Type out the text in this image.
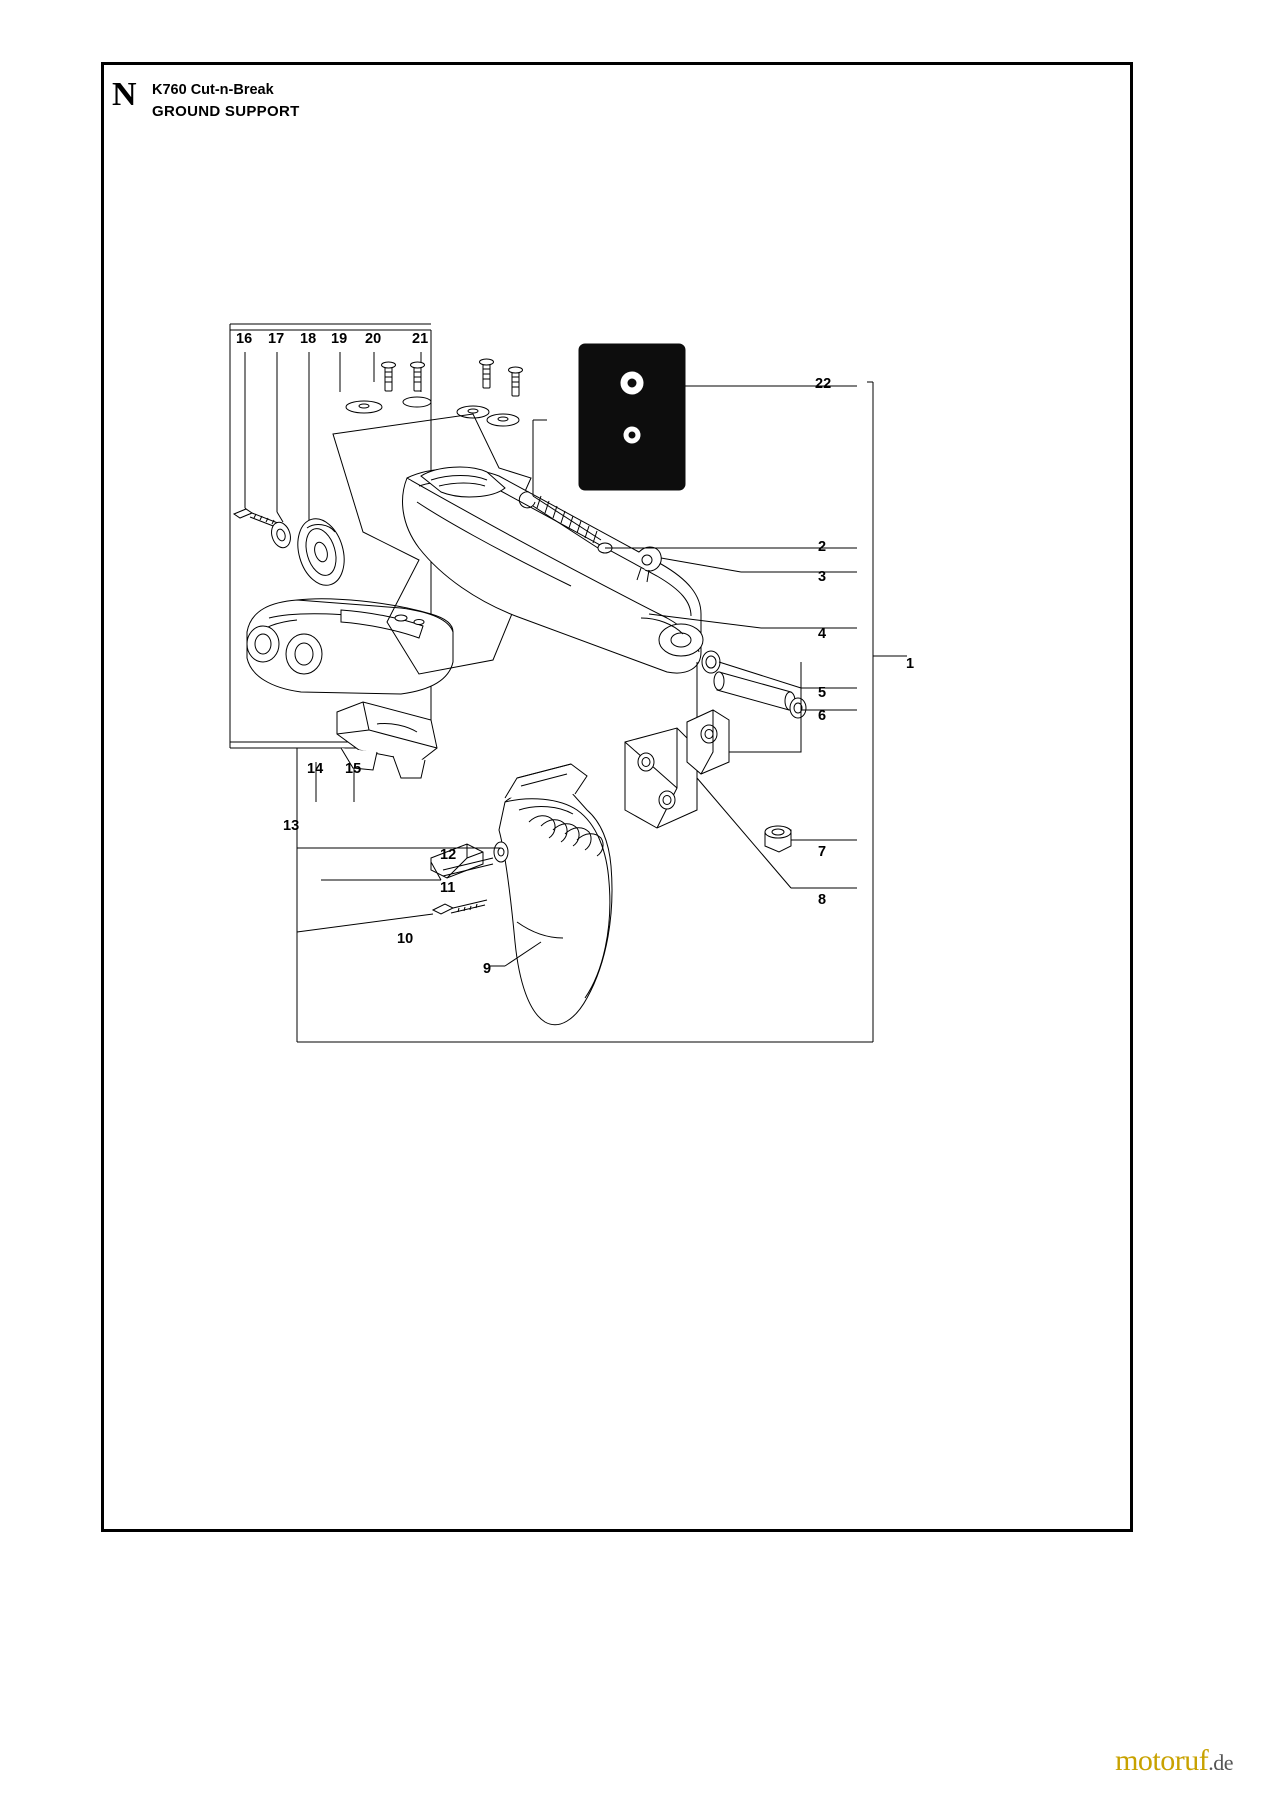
N K760 Cut-n-Break
GROUND SUPPORT
16 17 18 19 20 21
22
2
3
4
1
5
6
7
8
14 15
13
12
11
10
9
motoruf.de
